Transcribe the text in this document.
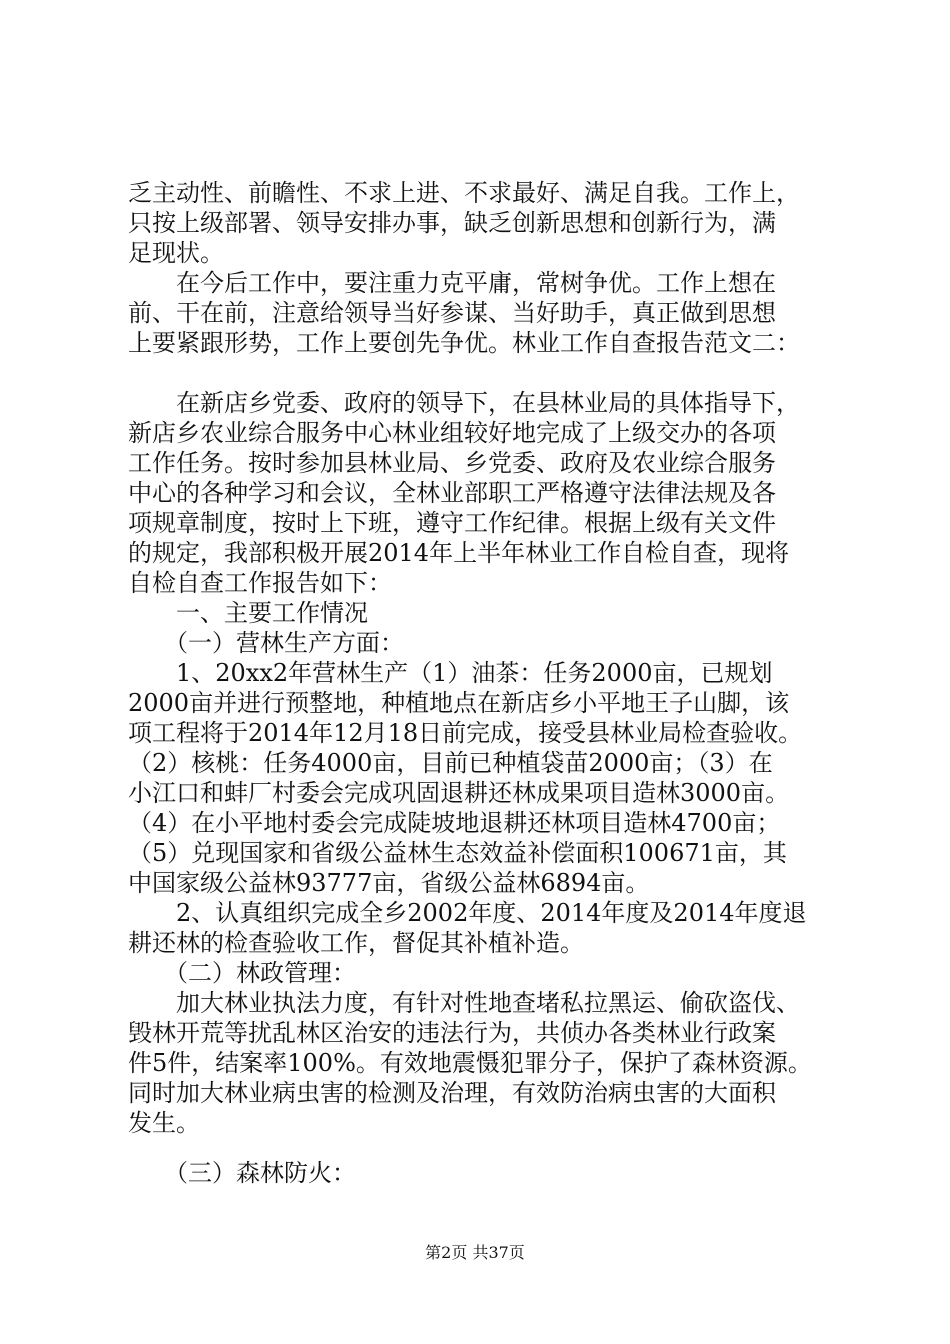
乏主动性、前瞻性、不求上进、不求最好、满足自我。工作上，
只按上级部署、领导安排办事，缺乏创新思想和创新行为，满
足现状。
　　在今后工作中，要注重力克平庸，常树争优。工作上想在
前、干在前，注意给领导当好参谋、当好助手，真正做到思想
上要紧跟形势，工作上要创先争优。林业工作自查报告范文二：
　　在新店乡党委、政府的领导下，在县林业局的具体指导下，
新店乡农业综合服务中心林业组较好地完成了上级交办的各项
工作任务。按时参加县林业局、乡党委、政府及农业综合服务
中心的各种学习和会议，全林业部职工严格遵守法律法规及各
项规章制度，按时上下班，遵守工作纪律。根据上级有关文件
的规定，我部积极开展2014年上半年林业工作自检自查，现将
自检自查工作报告如下：
　　一、主要工作情况
　　（一）营林生产方面：
　　1、20xx2年营林生产（1）油茶：任务2000亩，已规划
2000亩并进行预整地，种植地点在新店乡小平地王子山脚，该
项工程将于2014年12月18日前完成，接受县林业局检查验收。
（2）核桃：任务4000亩，目前已种植袋苗2000亩；（3）在
小江口和蚌厂村委会完成巩固退耕还林成果项目造林3000亩。
（4）在小平地村委会完成陡坡地退耕还林项目造林4700亩；
（5）兑现国家和省级公益林生态效益补偿面积100671亩，其
中国家级公益林93777亩，省级公益林6894亩。
　　2、认真组织完成全乡2002年度、2014年度及2014年度退
耕还林的检查验收工作，督促其补植补造。
　　（二）林政管理：
　　加大林业执法力度，有针对性地查堵私拉黑运、偷砍盗伐、
毁林开荒等扰乱林区治安的违法行为，共侦办各类林业行政案
件5件，结案率100%。有效地震慑犯罪分子，保护了森林资源。
同时加大林业病虫害的检测及治理，有效防治病虫害的大面积
发生。
　　（三）森林防火：
第2页 共37页
